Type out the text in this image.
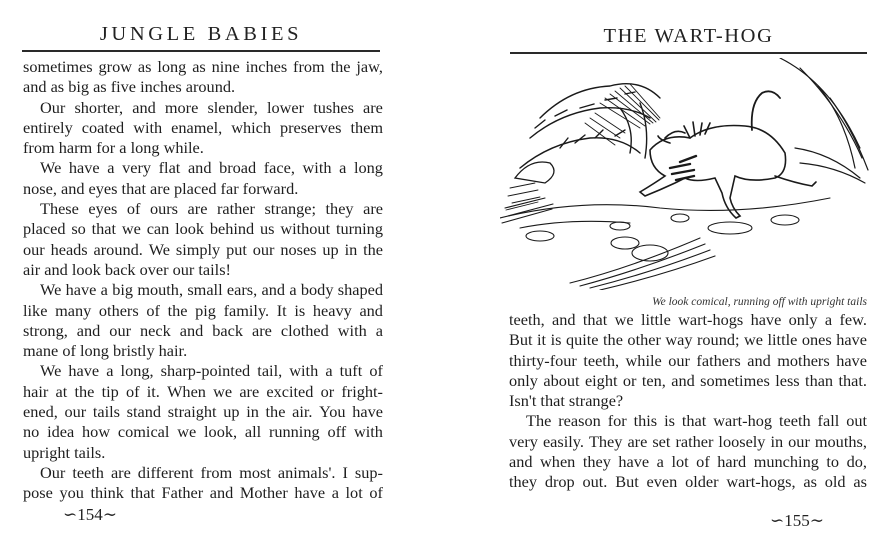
JUNGLE BABIES
sometimes grow as long as nine inches from the jaw,
and as big as five inches around.
Our shorter, and more slender, lower tushes are
entirely coated with enamel, which preserves them
from harm for a long while.
We have a very flat and broad face, with a long
nose, and eyes that are placed far forward.
These eyes of ours are rather strange; they are
placed so that we can look behind us without turning
our heads around. We simply put our noses up in the
air and look back over our tails!
We have a big mouth, small ears, and a body shaped
like many others of the pig family. It is heavy and
strong, and our neck and back are clothed with a
mane of long bristly hair.
We have a long, sharp-pointed tail, with a tuft of
hair at the tip of it. When we are excited or fright-
ened, our tails stand straight up in the air. You have
no idea how comical we look, all running off with
upright tails.
Our teeth are different from most animals'. I sup-
pose you think that Father and Mother have a lot of
∽154∼
THE WART-HOG
We look comical, running off with upright tails
teeth, and that we little wart-hogs have only a few.
But it is quite the other way round; we little ones have
thirty-four teeth, while our fathers and mothers have
only about eight or ten, and sometimes less than that.
Isn't that strange?
The reason for this is that wart-hog teeth fall out
very easily. They are set rather loosely in our mouths,
and when they have a lot of hard munching to do,
they drop out. But even older wart-hogs, as old as
∽155∼
